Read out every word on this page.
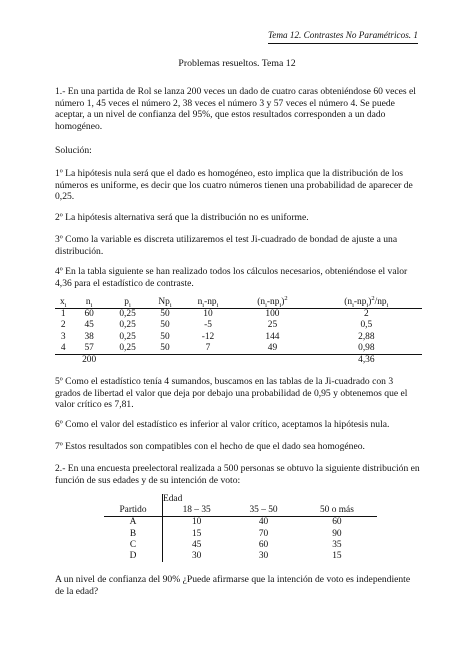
Tema 12. Contrastes No Paramétricos. 1
Problemas resueltos. Tema 12

1.- En una partida de Rol se lanza 200 veces un dado de cuatro caras obteniéndose 60 veces el número 1, 45 veces el número 2, 38 veces el número 3 y 57 veces el número 4. Se puede aceptar, a un nivel de confianza del 95%, que estos resultados corresponden a un dado homogéneo.

Solución:

1º La hipótesis nula será que el dado es homogéneo, esto implica que la distribución de los números es uniforme, es decir que los cuatro números tienen una probabilidad de aparecer de 0,25.

2º La hipótesis alternativa será que la distribución no es uniforme.

3º Como la variable es discreta utilizaremos el test Ji-cuadrado de bondad de ajuste a una distribución.

4º En la tabla siguiente se han realizado todos los cálculos necesarios, obteniéndose el valor 4,36 para el estadístico de contraste.

$x_i$	$n_i$	$p_i$	$Np_i$	$n_i-np_i$	$(n_i-np_i)^2$	$(n_i-np_i)^2/np_i$
1	60	0,25	50	10	100	2
2	45	0,25	50	-5	25	0,5
3	38	0,25	50	-12	144	2,88
4	57	0,25	50	7	49	0,98
	200					4,36

5º Como el estadístico tenía 4 sumandos, buscamos en las tablas de la Ji-cuadrado con 3 grados de libertad el valor que deja por debajo una probabilidad de 0,95 y obtenemos que el valor crítico es 7,81.

6º Como el valor del estadístico es inferior al valor crítico, aceptamos la hipótesis nula.

7º Estos resultados son compatibles con el hecho de que el dado sea homogéneo.

2.- En una encuesta preelectoral realizada a 500 personas se obtuvo la siguiente distribución en función de sus edades y de su intención de voto:

	Edad		
Partido	18 – 35	35 – 50	50 o más
A	10	40	60
B	15	70	90
C	45	60	35
D	30	30	15

A un nivel de confianza del 90% ¿Puede afirmarse que la intención de voto es independiente de la edad?
